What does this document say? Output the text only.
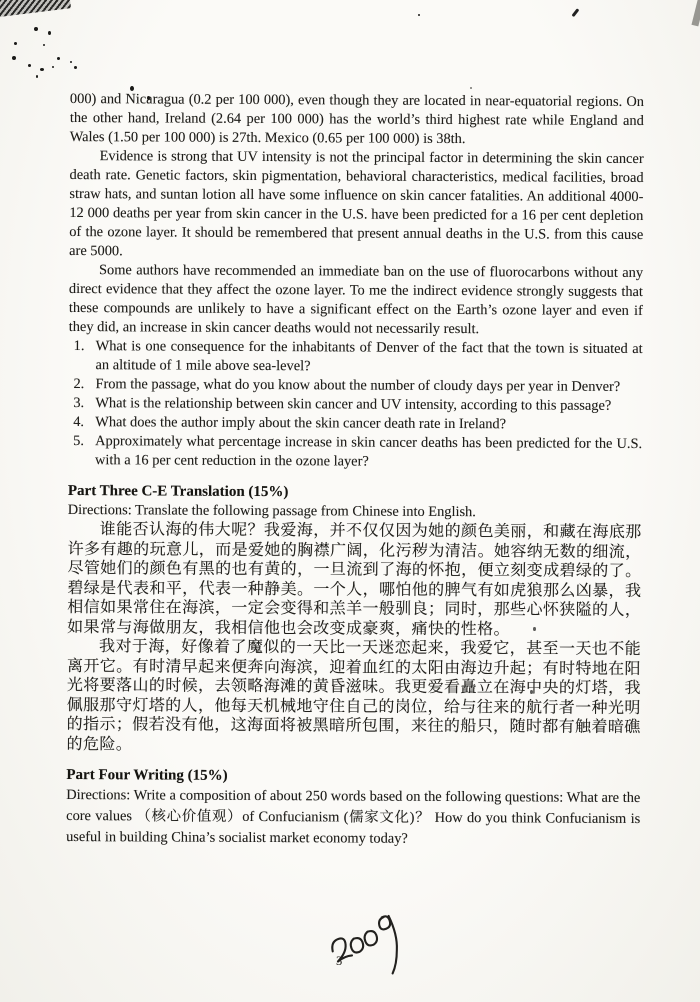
000) and Nicaragua (0.2 per 100 000), even though they are located in near-equatorial regions. On the other hand, Ireland (2.64 per 100 000) has the world’s third highest rate while England and Wales (1.50 per 100 000) is 27th. Mexico (0.65 per 100 000) is 38th.

Evidence is strong that UV intensity is not the principal factor in determining the skin cancer death rate. Genetic factors, skin pigmentation, behavioral characteristics, medical facilities, broad straw hats, and suntan lotion all have some influence on skin cancer fatalities. An additional 4000-12 000 deaths per year from skin cancer in the U.S. have been predicted for a 16 per cent depletion of the ozone layer. It should be remembered that present annual deaths in the U.S. from this cause are 5000.

Some authors have recommended an immediate ban on the use of fluorocarbons without any direct evidence that they affect the ozone layer. To me the indirect evidence strongly suggests that these compounds are unlikely to have a significant effect on the Earth’s ozone layer and even if they did, an increase in skin cancer deaths would not necessarily result.

1. What is one consequence for the inhabitants of Denver of the fact that the town is situated at an altitude of 1 mile above sea-level?

2. From the passage, what do you know about the number of cloudy days per year in Denver?

3. What is the relationship between skin cancer and UV intensity, according to this passage?

4. What does the author imply about the skin cancer death rate in Ireland?

5. Approximately what percentage increase in skin cancer deaths has been predicted for the U.S. with a 16 per cent reduction in the ozone layer?

Part Three C-E Translation (15%)

Directions: Translate the following passage from Chinese into English.

谁能否认海的伟大呢？我爱海，并不仅仅因为她的颜色美丽，和藏在海底那许多有趣的玩意儿，而是爱她的胸襟广阔，化污秽为清洁。她容纳无数的细流，尽管她们的颜色有黑的也有黄的，一旦流到了海的怀抱，便立刻变成碧绿的了。碧绿是代表和平，代表一种静美。一个人，哪怕他的脾气有如虎狼那么凶暴，我相信如果常住在海滨，一定会变得和羔羊一般驯良；同时，那些心怀狭隘的人，如果常与海做朋友，我相信他也会改变成豪爽，痛快的性格。

我对于海，好像着了魔似的一天比一天迷恋起来，我爱它，甚至一天也不能离开它。有时清早起来便奔向海滨，迎着血红的太阳由海边升起；有时特地在阳光将要落山的时候，去领略海滩的黄昏滋味。我更爱看矗立在海中央的灯塔，我佩服那守灯塔的人，他每天机械地守住自己的岗位，给与往来的航行者一种光明的指示；假若没有他，这海面将被黑暗所包围，来往的船只，随时都有触着暗礁的危险。

Part Four Writing (15%)

Directions: Write a composition of about 250 words based on the following questions: What are the core values （核心价值观）of Confucianism (儒家文化)？ How do you think Confucianism is useful in building China’s socialist market economy today?

3
